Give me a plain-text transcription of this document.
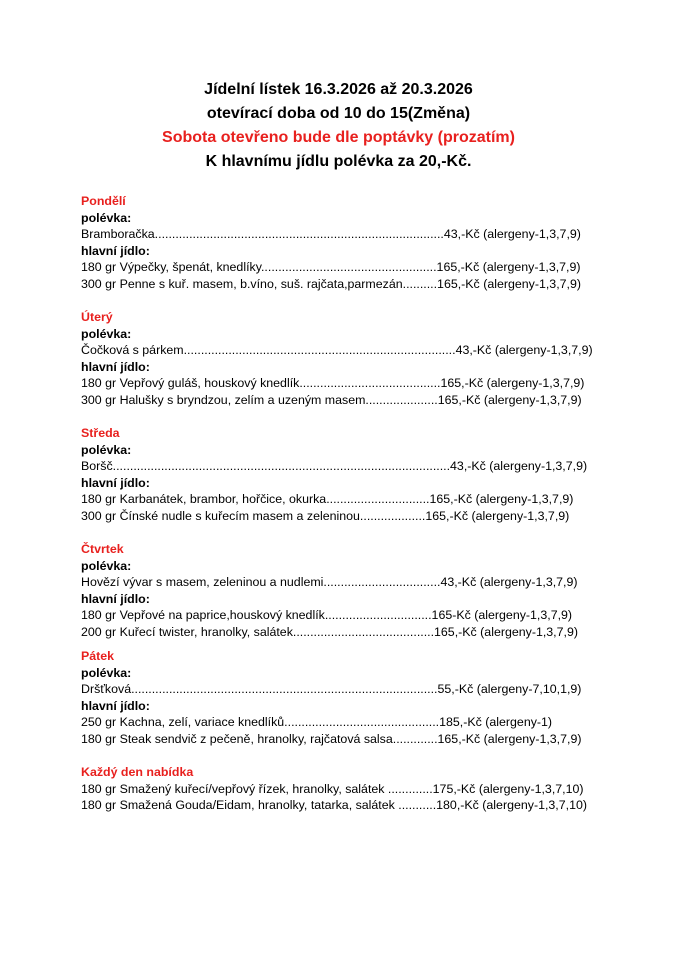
Jídelní lístek 16.3.2026 až 20.3.2026
otevírací doba od 10 do 15(Změna)
Sobota otevřeno bude dle poptávky (prozatím)
K hlavnímu jídlu polévka za 20,-Kč.
Pondělí
polévka:
Bramboračka....................................................................................43,-Kč (alergeny-1,3,7,9)
hlavní jídlo:
180 gr Výpečky, špenát, knedlíky...................................................165,-Kč (alergeny-1,3,7,9)
300 gr Penne s kuř. masem, b.víno, suš. rajčata,parmezán..........165,-Kč (alergeny-1,3,7,9)
Úterý
polévka:
Čočková s párkem...............................................................................43,-Kč (alergeny-1,3,7,9)
hlavní jídlo:
180 gr Vepřový guláš, houskový knedlík.........................................165,-Kč (alergeny-1,3,7,9)
300 gr Halušky s bryndzou, zelím a uzeným masem.....................165,-Kč (alergeny-1,3,7,9)
Středa
polévka:
Boršč..................................................................................................43,-Kč (alergeny-1,3,7,9)
hlavní jídlo:
180 gr Karbanátek, brambor, hořčice, okurka..............................165,-Kč (alergeny-1,3,7,9)
300 gr Čínské nudle s kuřecím masem a zeleninou...................165,-Kč (alergeny-1,3,7,9)
Čtvrtek
polévka:
Hovězí vývar s masem, zeleninou a nudlemi..................................43,-Kč (alergeny-1,3,7,9)
hlavní jídlo:
180 gr Vepřové na paprice,houskový knedlík...............................165-Kč (alergeny-1,3,7,9)
200 gr Kuřecí twister, hranolky, salátek.........................................165,-Kč (alergeny-1,3,7,9)
Pátek
polévka:
Dršťková.........................................................................................55,-Kč (alergeny-7,10,1,9)
hlavní jídlo:
250 gr Kachna, zelí, variace knedlíků.............................................185,-Kč (alergeny-1)
180 gr Steak sendvič z pečeně, hranolky, rajčatová salsa.............165,-Kč (alergeny-1,3,7,9)
Každý den nabídka
180 gr Smažený kuřecí/vepřový řízek, hranolky, salátek .............175,-Kč (alergeny-1,3,7,10)
180 gr Smažená Gouda/Eidam, hranolky, tatarka, salátek ...........180,-Kč (alergeny-1,3,7,10)
